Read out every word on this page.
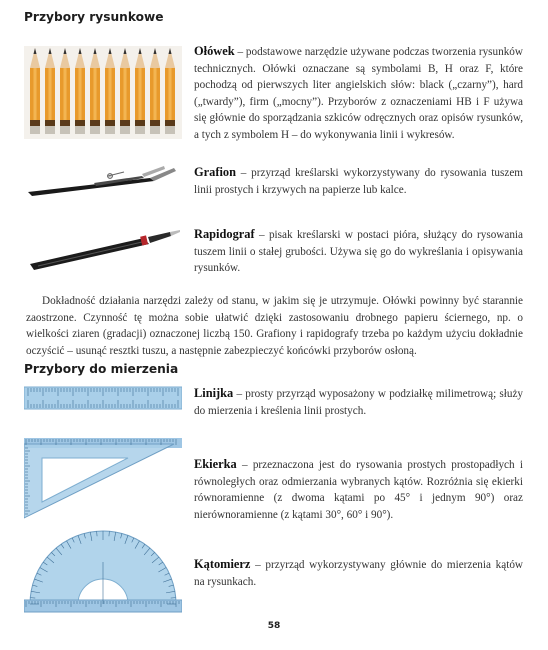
Przybory rysunkowe

Ołówek – podstawowe narzędzie używane podczas tworzenia rysunków technicznych. Ołówki oznaczane są symbolami B, H oraz F, które pochodzą od pierwszych liter angielskich słów: black („czarny”), hard („twardy”), firm („mocny”). Przyborów z oznaczeniami HB i F używa się głównie do sporządzania szkiców odręcznych oraz opisów rysunków, a tych z symbolem H – do wykonywania linii i wykresów.

Grafion – przyrząd kreślarski wykorzystywany do rysowania tuszem linii prostych i krzywych na papierze lub kalce.

Rapidograf – pisak kreślarski w postaci pióra, służący do rysowania tuszem linii o stałej grubości. Używa się go do wykreślania i opisywania rysunków.

Dokładność działania narzędzi zależy od stanu, w jakim się je utrzymuje. Ołówki powinny być starannie zaostrzone. Czynność tę można sobie ułatwić dzięki zastosowaniu drobnego papieru ściernego, np. o wielkości ziaren (gradacji) oznaczonej liczbą 150. Grafiony i rapidografy trzeba po każdym użyciu dokładnie oczyścić – usunąć resztki tuszu, a następnie zabezpieczyć końcówki przyborów osłoną.

Przybory do mierzenia

Linijka – prosty przyrząd wyposażony w podziałkę milimetrową; służy do mierzenia i kreślenia linii prostych.

Ekierka – przeznaczona jest do rysowania prostych prostopadłych i równoległych oraz odmierzania wybranych kątów. Rozróżnia się ekierki równoramienne (z dwoma kątami po 45° i jednym 90°) oraz nierównoramienne (z kątami 30°, 60° i 90°).

Kątomierz – przyrząd wykorzystywany głównie do mierzenia kątów na rysunkach.

58
